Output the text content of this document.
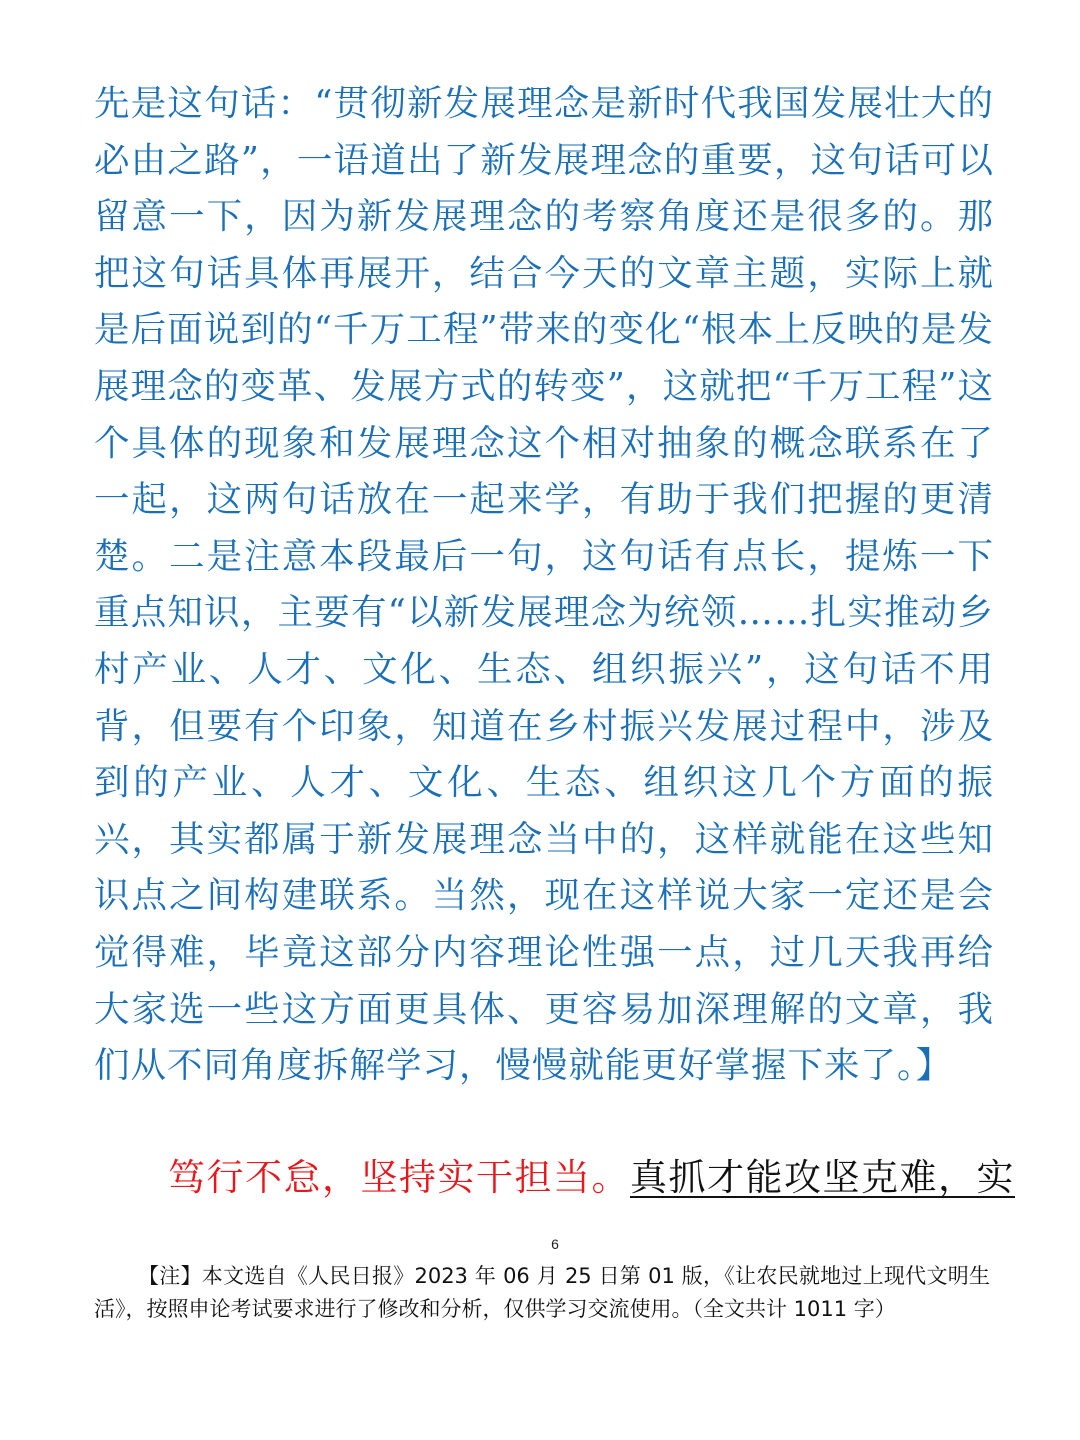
先是这句话：“贯彻新发展理念是新时代我国发展壮大的必由之路”，一语道出了新发展理念的重要，这句话可以留意一下，因为新发展理念的考察角度还是很多的。那把这句话具体再展开，结合今天的文章主题，实际上就是后面说到的“千万工程”带来的变化“根本上反映的是发展理念的变革、发展方式的转变”，这就把“千万工程”这个具体的现象和发展理念这个相对抽象的概念联系在了一起，这两句话放在一起来学，有助于我们把握的更清楚。二是注意本段最后一句，这句话有点长，提炼一下重点知识，主要有“以新发展理念为统领……扎实推动乡村产业、人才、文化、生态、组织振兴”，这句话不用背，但要有个印象，知道在乡村振兴发展过程中，涉及到的产业、人才、文化、生态、组织这几个方面的振兴，其实都属于新发展理念当中的，这样就能在这些知识点之间构建联系。当然，现在这样说大家一定还是会觉得难，毕竟这部分内容理论性强一点，过几天我再给大家选一些这方面更具体、更容易加深理解的文章，我们从不同角度拆解学习，慢慢就能更好掌握下来了。】

笃行不怠，坚持实干担当。真抓才能攻坚克难，实

6

【注】本文选自《人民日报》2023 年 06 月 25 日第 01 版，《让农民就地过上现代文明生活》，按照申论考试要求进行了修改和分析，仅供学习交流使用。（全文共计 1011 字）
